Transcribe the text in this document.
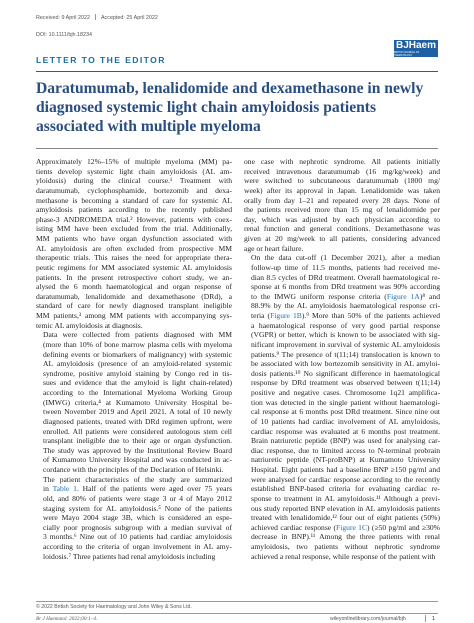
Received: 9 April 2022 Accepted: 25 April 2022
DOI: 10.1111/bjh.18234
LETTER TO THE EDITOR
BJHaem
BRITISH JOURNAL OF HAEMATOLOGY
Daratumumab, lenalidomide and dexamethasone in newly diagnosed systemic light chain amyloidosis patients associated with multiple myeloma

Approximately 12%–15% of multiple myeloma (MM) pa-
tients develop systemic light chain amyloidosis (AL am-
yloidosis) during the clinical course.¹ Treatment with
daratumumab, cyclophosphamide, bortezomib and dexa-
methasone is becoming a standard of care for systemic AL
amyloidosis patients according to the recently published
phase-3 ANDROMEDA trial.² However, patients with coex-
isting MM have been excluded from the trial. Additionally,
MM patients who have organ dysfunction associated with
AL amyloidosis are often excluded from prospective MM
therapeutic trials. This raises the need for appropriate thera-
peutic regimens for MM associated systemic AL amyloidosis
patients. In the present retrospective cohort study, we an-
alysed the 6 month haematological and organ response of
daratumumab, lenalidomide and dexamethasone (DRd), a
standard of care for newly diagnosed transplant ineligible
MM patients,³ among MM patients with accompanying sys-
temic AL amyloidosis at diagnosis.

Data were collected from patients diagnosed with MM
(more than 10% of bone marrow plasma cells with myeloma
defining events or biomarkers of malignancy) with systemic
AL amyloidosis (presence of an amyloid-related systemic
syndrome, positive amyloid staining by Congo red in tis-
sues and evidence that the amyloid is light chain-related)
according to the International Myeloma Working Group
(IMWG) criteria,⁴ at Kumamoto University Hospital be-
tween November 2019 and April 2021. A total of 10 newly
diagnosed patients, treated with DRd regimen upfront, were
enrolled. All patients were considered autologous stem cell
transplant ineligible due to their age or organ dysfunction.
The study was approved by the Institutional Review Board
of Kumamoto University Hospital and was conducted in ac-
cordance with the principles of the Declaration of Helsinki.

The patient characteristics of the study are summarized
in Table 1. Half of the patients were aged over 75 years
old, and 80% of patients were stage 3 or 4 of Mayo 2012
staging system for AL amyloidosis.⁵ None of the patients
were Mayo 2004 stage 3B, which is considered an espe-
cially poor prognosis subgroup with a median survival of
3 months.⁶ Nine out of 10 patients had cardiac amyloidosis
according to the criteria of organ involvement in AL amy-
loidosis.⁷ Three patients had renal amyloidosis including

one case with nephrotic syndrome. All patients initially
received intravenous daratumumab (16 mg/kg/week) and
were switched to subcutaneous daratumumab (1800 mg/
week) after its approval in Japan. Lenalidomide was taken
orally from day 1–21 and repeated every 28 days. None of
the patients received more than 15 mg of lenalidomide per
day, which was adjusted by each physician according to
renal function and general conditions. Dexamethasone was
given at 20 mg/week to all patients, considering advanced
age or heart failure.

On the data cut-off (1 December 2021), after a median
follow-up time of 11.5 months, patients had received me-
dian 8.5 cycles of DRd treatment. Overall haematological re-
sponse at 6 months from DRd treatment was 90% according
to the IMWG uniform response criteria (Figure 1A)⁸ and
88.9% by the AL amyloidosis haematological response cri-
teria (Figure 1B).⁹ More than 50% of the patients achieved
a haematological response of very good partial response
(VGPR) or better, which is known to be associated with sig-
nificant improvement in survival of systemic AL amyloidosis
patients.⁹ The presence of t(11;14) translocation is known to
be associated with low bortezomib sensitivity in AL amyloi-
dosis patients.¹⁰ No significant difference in haematological
response by DRd treatment was observed between t(11;14)
positive and negative cases. Chromosome 1q21 amplifica-
tion was detected in the single patient without haematologi-
cal response at 6 months post DRd treatment. Since nine out
of 10 patients had cardiac involvement of AL amyloidosis,
cardiac response was evaluated at 6 months post treatment.
Brain natriuretic peptide (BNP) was used for analysing car-
diac response, due to limited access to N-terminal probrain
natriuretic peptide (NT-proBNP) at Kumamoto University
Hospital. Eight patients had a baseline BNP ≥150 pg/ml and
were analysed for cardiac response according to the recently
established BNP-based criteria for evaluating cardiac re-
sponse to treatment in AL amyloidosis.¹¹ Although a previ-
ous study reported BNP elevation in AL amyloidosis patients
treated with lenalidomide,¹² four out of eight patients (50%)
achieved cardiac response (Figure 1C) (≥50 pg/ml and ≥30%
decrease in BNP).¹¹ Among the three patients with renal
amyloidosis, two patients without nephrotic syndrome
achieved a renal response, while response of the patient with

© 2022 British Society for Haematology and John Wiley & Sons Ltd.
Br J Haematol. 2022;00:1–4.	wileyonlinelibrary.com/journal/bjh	1
